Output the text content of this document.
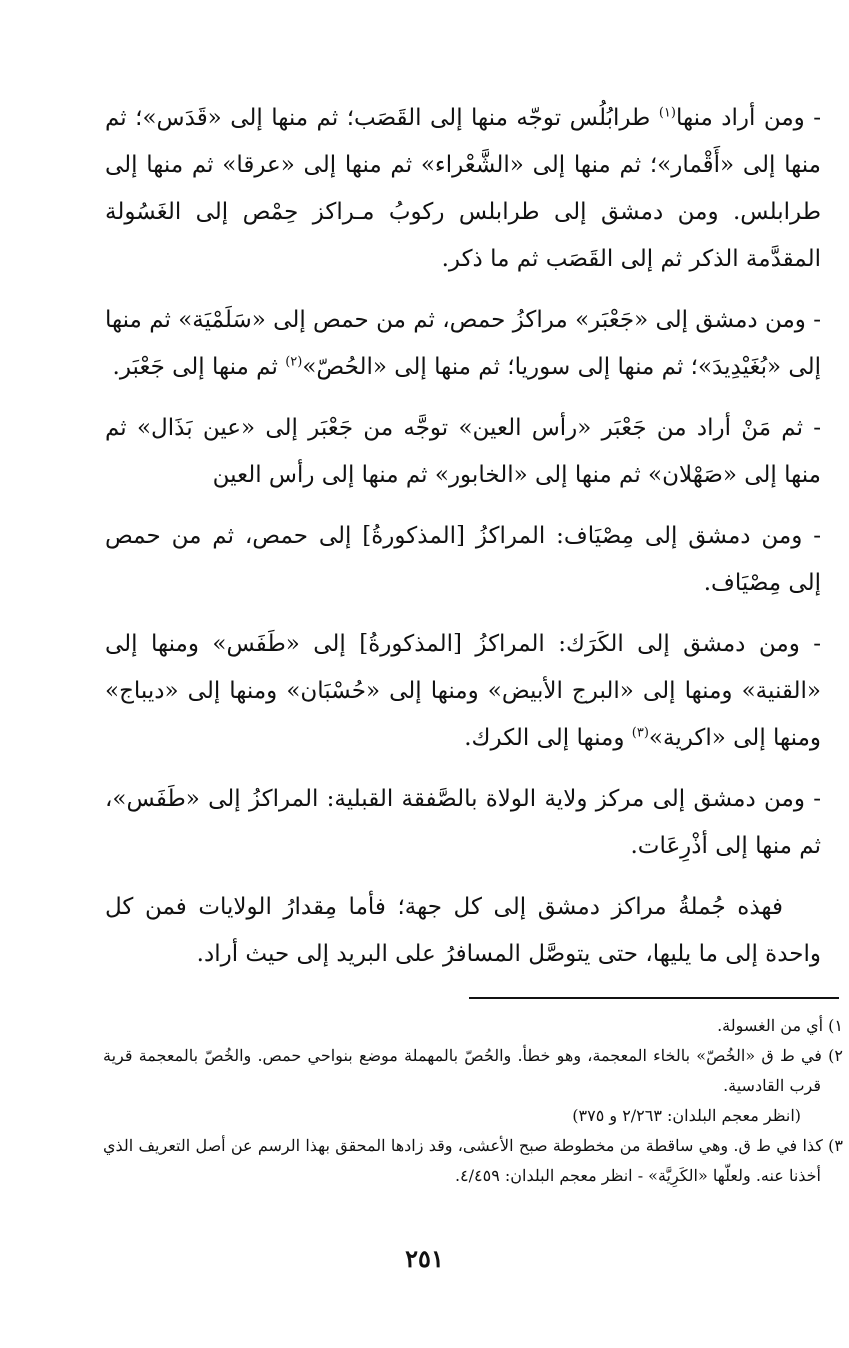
- ومن أراد منها$^{(١)}$ طرابُلُس توجّه منها إلى القَصَب؛ ثم منها إلى «قَدَس»؛ ثم منها إلى «أَقْمار»؛ ثم منها إلى «الشَّعْراء» ثم منها إلى «عرقا» ثم منها إلى طرابلس. ومن دمشق إلى طرابلس ركوبُ مـراكز حِمْص إلى الغَسُولة المقدَّمة الذكر ثم إلى القَصَب ثم ما ذكر.

- ومن دمشق إلى «جَعْبَر» مراكزُ حمص، ثم من حمص إلى «سَلَمْيَة» ثم منها إلى «بُغَيْدِيدَ»؛ ثم منها إلى سوريا؛ ثم منها إلى «الحُصّ»$^{(٢)}$ ثم منها إلى جَعْبَر.

- ثم مَنْ أراد من جَعْبَر «رأس العين» توجَّه من جَعْبَر إلى «عين بَذَال» ثم منها إلى «صَهْلان» ثم منها إلى «الخابور» ثم منها إلى رأس العين

- ومن دمشق إلى مِصْيَاف: المراكزُ [المذكورةُ] إلى حمص، ثم من حمص إلى مِصْيَاف.

- ومن دمشق إلى الكَرَك: المراكزُ [المذكورةُ] إلى «طَفَس» ومنها إلى «القنية» ومنها إلى «البرج الأبيض» ومنها إلى «حُسْبَان» ومنها إلى «ديباج» ومنها إلى «اكرية»$^{(٣)}$ ومنها إلى الكرك.

- ومن دمشق إلى مركز ولاية الولاة بالصَّفقة القبلية: المراكزُ إلى «طَفَس»، ثم منها إلى أذْرِعَات.

فهذه جُملةُ مراكز دمشق إلى كل جهة؛ فأما مِقدارُ الولايات فمن كل واحدة إلى ما يليها، حتى يتوصَّل المسافرُ على البريد إلى حيث أراد.

١) أي من الغسولة.

٢) في ط ق «الخُصّ» بالخاء المعجمة، وهو خطأ. والحُصّ بالمهملة موضع بنواحي حمص. والخُصّ بالمعجمة قرية قرب القادسية.

(انظر معجم البلدان: ٢/٢٦٣ و ٣٧٥)

٣) كذا في ط ق. وهي ساقطة من مخطوطة صبح الأعشى، وقد زادها المحقق بهذا الرسم عن أصل التعريف الذي أخذنا عنه. ولعلّها «الكَرِيَّة» - انظر معجم البلدان: ٤/٤٥٩.

٢٥١
